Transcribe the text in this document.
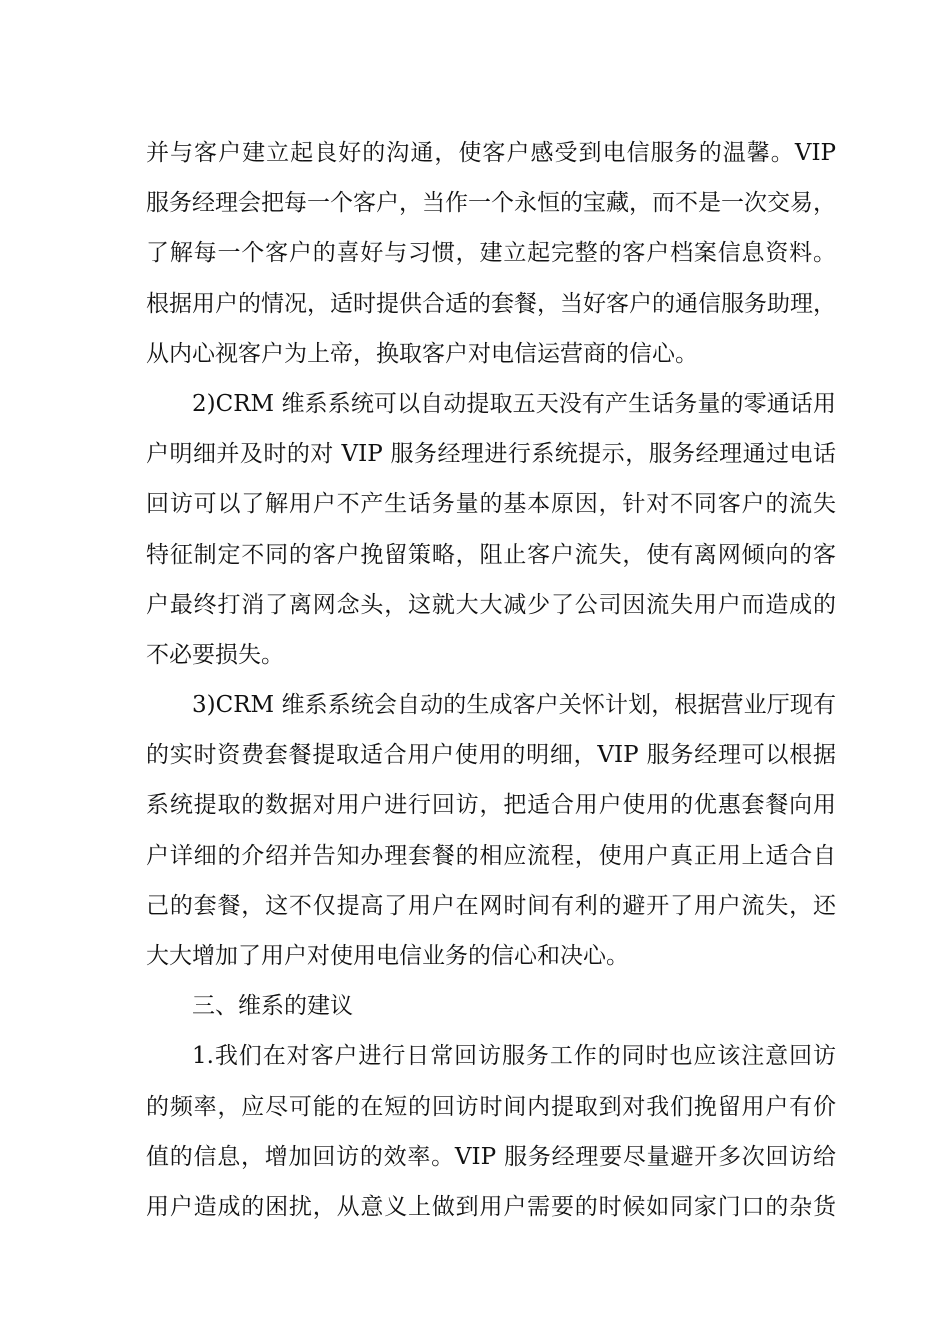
并与客户建立起良好的沟通，使客户感受到电信服务的温馨。VIP
服务经理会把每一个客户，当作一个永恒的宝藏，而不是一次交易，
了解每一个客户的喜好与习惯，建立起完整的客户档案信息资料。
根据用户的情况，适时提供合适的套餐，当好客户的通信服务助理，
从内心视客户为上帝，换取客户对电信运营商的信心。
2)CRM 维系系统可以自动提取五天没有产生话务量的零通话用
户明细并及时的对 VIP 服务经理进行系统提示，服务经理通过电话
回访可以了解用户不产生话务量的基本原因，针对不同客户的流失
特征制定不同的客户挽留策略，阻止客户流失，使有离网倾向的客
户最终打消了离网念头，这就大大减少了公司因流失用户而造成的
不必要损失。
3)CRM 维系系统会自动的生成客户关怀计划，根据营业厅现有
的实时资费套餐提取适合用户使用的明细，VIP 服务经理可以根据
系统提取的数据对用户进行回访，把适合用户使用的优惠套餐向用
户详细的介绍并告知办理套餐的相应流程，使用户真正用上适合自
己的套餐，这不仅提高了用户在网时间有利的避开了用户流失，还
大大增加了用户对使用电信业务的信心和决心。
三、维系的建议
1.我们在对客户进行日常回访服务工作的同时也应该注意回访
的频率，应尽可能的在短的回访时间内提取到对我们挽留用户有价
值的信息，增加回访的效率。VIP 服务经理要尽量避开多次回访给
用户造成的困扰，从意义上做到用户需要的时候如同家门口的杂货
